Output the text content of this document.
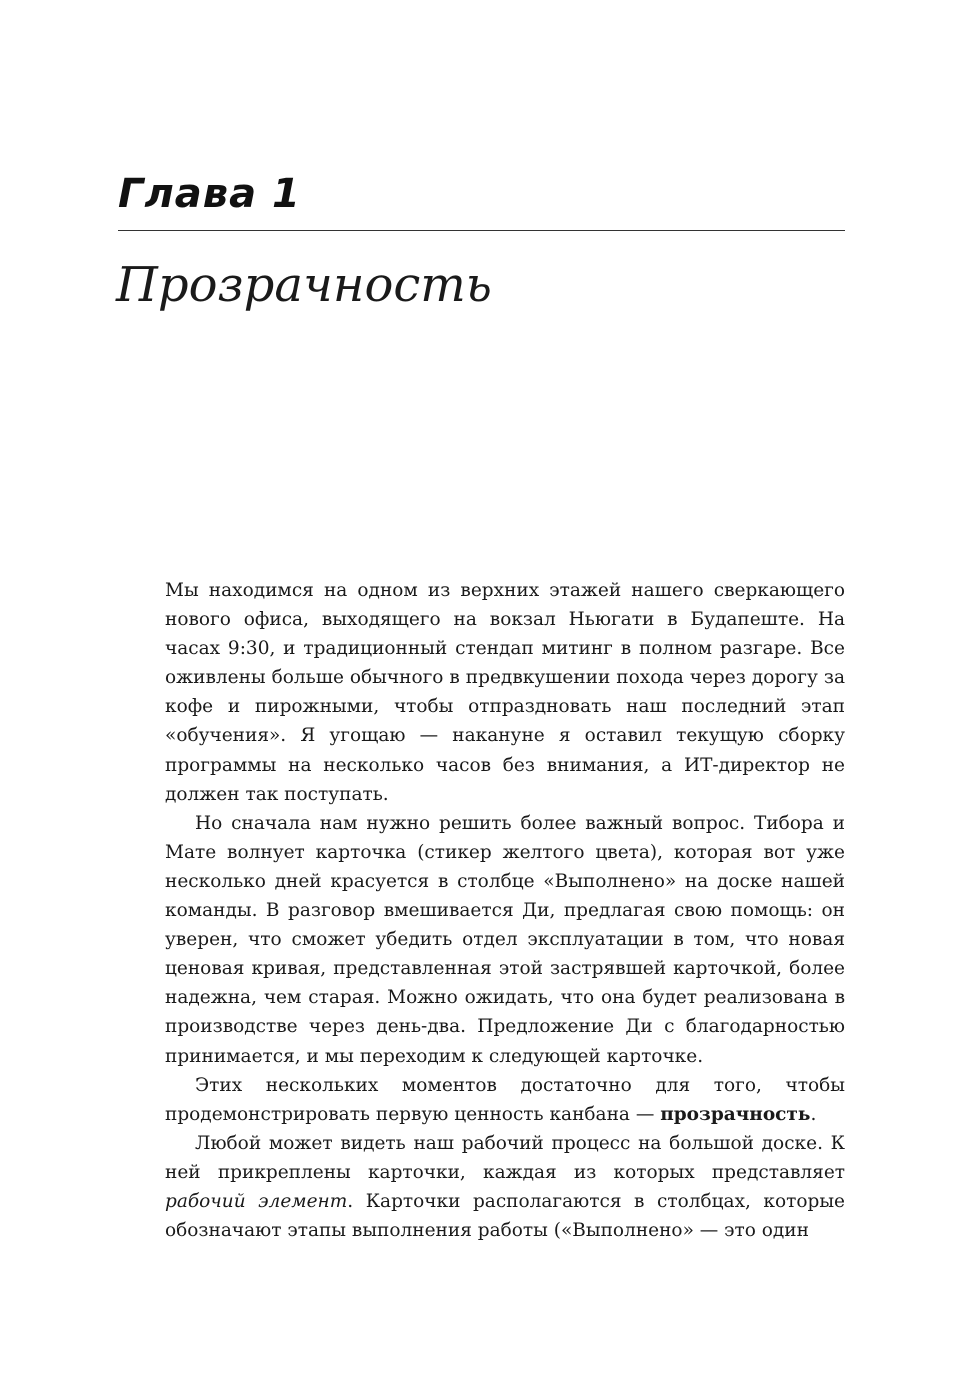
Глава 1
Прозрачность

Мы находимся на одном из верхних этажей нашего сверкающего нового офиса, выходящего на вокзал Ньюгати в Будапеште. На часах 9:30, и традиционный стендап митинг в полном разгаре. Все оживлены больше обычного в предвкушении похода через дорогу за кофе и пирожными, чтобы отпраздновать наш последний этап «обучения». Я угощаю — накануне я оставил текущую сборку программы на несколько часов без внимания, а ИТ-директор не должен так поступать.

Но сначала нам нужно решить более важный вопрос. Тибора и Мате волнует карточка (стикер желтого цвета), которая вот уже несколько дней красуется в столбце «Выполнено» на доске нашей команды. В разговор вмешивается Ди, предлагая свою помощь: он уверен, что сможет убедить отдел эксплуатации в том, что новая ценовая кривая, представленная этой застрявшей карточкой, более надежна, чем старая. Можно ожидать, что она будет реализована в производстве через день-два. Предложение Ди с благодарностью принимается, и мы переходим к следующей карточке.

Этих нескольких моментов достаточно для того, чтобы продемонстрировать первую ценность канбана — прозрачность.

Любой может видеть наш рабочий процесс на большой доске. К ней прикреплены карточки, каждая из которых представляет рабочий элемент. Карточки располагаются в столбцах, которые обозначают этапы выполнения работы («Выполнено» — это один
